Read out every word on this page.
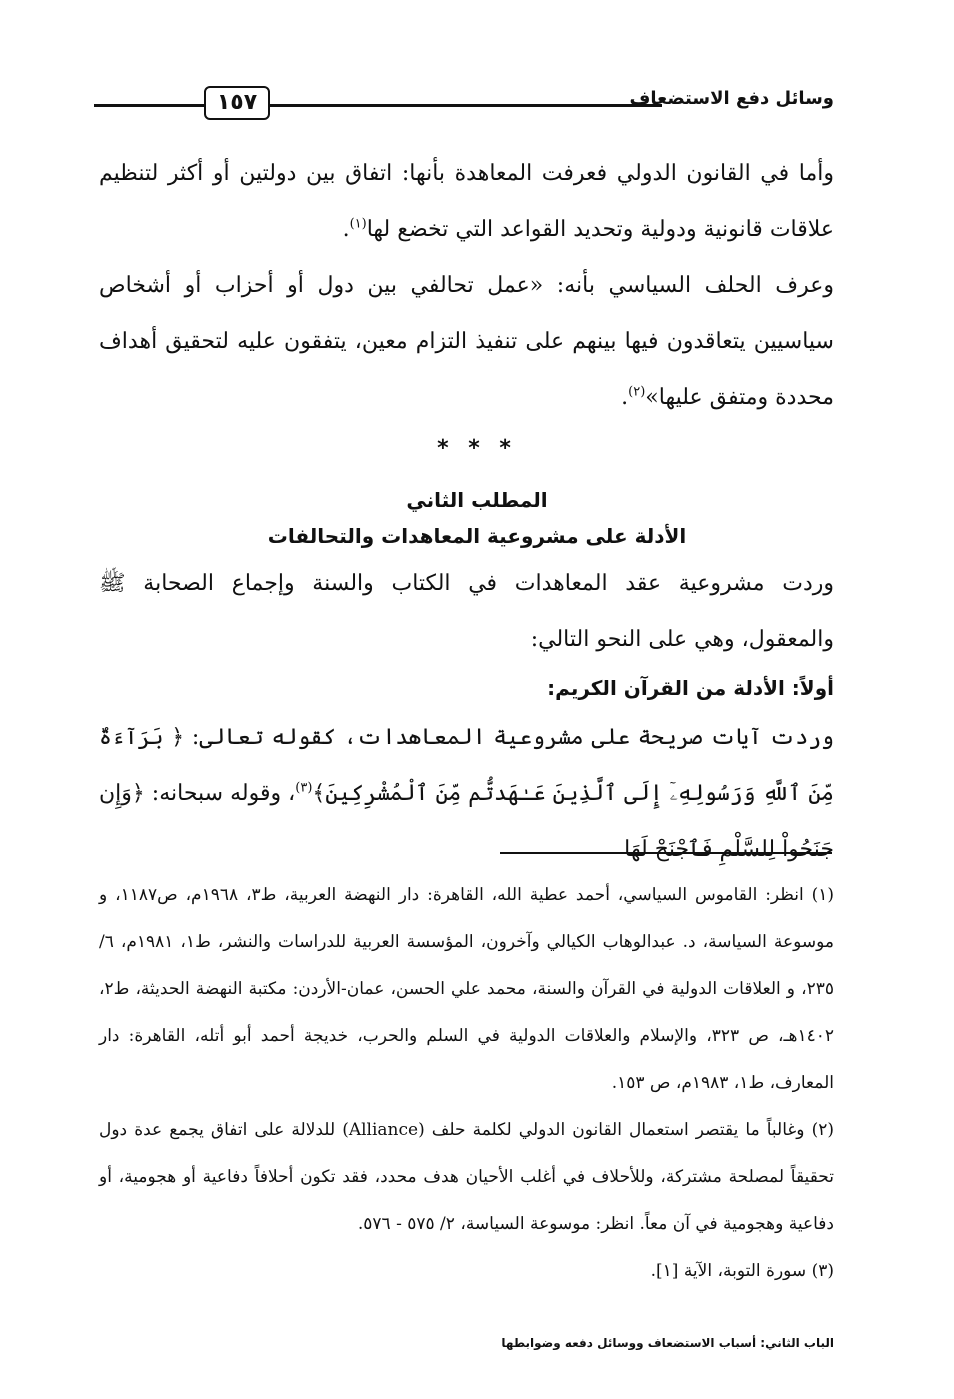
وسائل دفع الاستضعاف
١٥٧

وأما في القانون الدولي فعرفت المعاهدة بأنها: اتفاق بين دولتين أو أكثر لتنظيم علاقات قانونية ودولية وتحديد القواعد التي تخضع لها$^{(١)}$.

وعرف الحلف السياسي بأنه: «عمل تحالفي بين دول أو أحزاب أو أشخاص سياسيين يتعاقدون فيها بينهم على تنفيذ التزام معين، يتفقون عليه لتحقيق أهداف محددة ومتفق عليها»$^{(٢)}$.

* * *
المطلب الثاني
الأدلة على مشروعية المعاهدات والتحالفات

وردت مشروعية عقد المعاهدات في الكتاب والسنة وإجماع الصحابة ﷺ والمعقول، وهي على النحو التالي:

أولاً: الأدلة من القرآن الكريم:

وردت آيات صريحة على مشروعية المعاهدات، كقوله تعالى: ﴿ بَرَآءَةٌ مِّنَ ٱللَّهِ وَرَسُولِهِۦٓ إِلَى ٱلَّذِينَ عَـٰهَدتُّم مِّنَ ٱلْمُشْرِكِينَ﴾$^{(٣)}$، وقوله سبحانه: ﴿وَإِن جَنَحُواْ لِلسَّلْمِ فَٱجْنَحْ لَهَا

(١) انظر: القاموس السياسي، أحمد عطية الله، القاهرة: دار النهضة العربية، ط٣، ١٩٦٨م، ص١١٨٧، و موسوعة السياسة، د. عبدالوهاب الكيالي وآخرون، المؤسسة العربية للدراسات والنشر، ط١، ١٩٨١م، ٦/ ٢٣٥، و العلاقات الدولية في القرآن والسنة، محمد علي الحسن، عمان-الأردن: مكتبة النهضة الحديثة، ط٢، ١٤٠٢هـ، ص ٣٢٣، والإسلام والعلاقات الدولية في السلم والحرب، خديجة أحمد أبو أتله، القاهرة: دار المعارف، ط١، ١٩٨٣م، ص ١٥٣.

(٢) وغالباً ما يقتصر استعمال القانون الدولي لكلمة حلف (Alliance) للدلالة على اتفاق يجمع عدة دول تحقيقاً لمصلحة مشتركة، وللأحلاف في أغلب الأحيان هدف محدد، فقد تكون أحلافاً دفاعية أو هجومية، أو دفاعية وهجومية في آن معاً. انظر: موسوعة السياسة، ٢/ ٥٧٥ - ٥٧٦.

(٣) سورة التوبة، الآية [١].

الباب الثاني: أسباب الاستضعاف ووسائل دفعه وضوابطها
